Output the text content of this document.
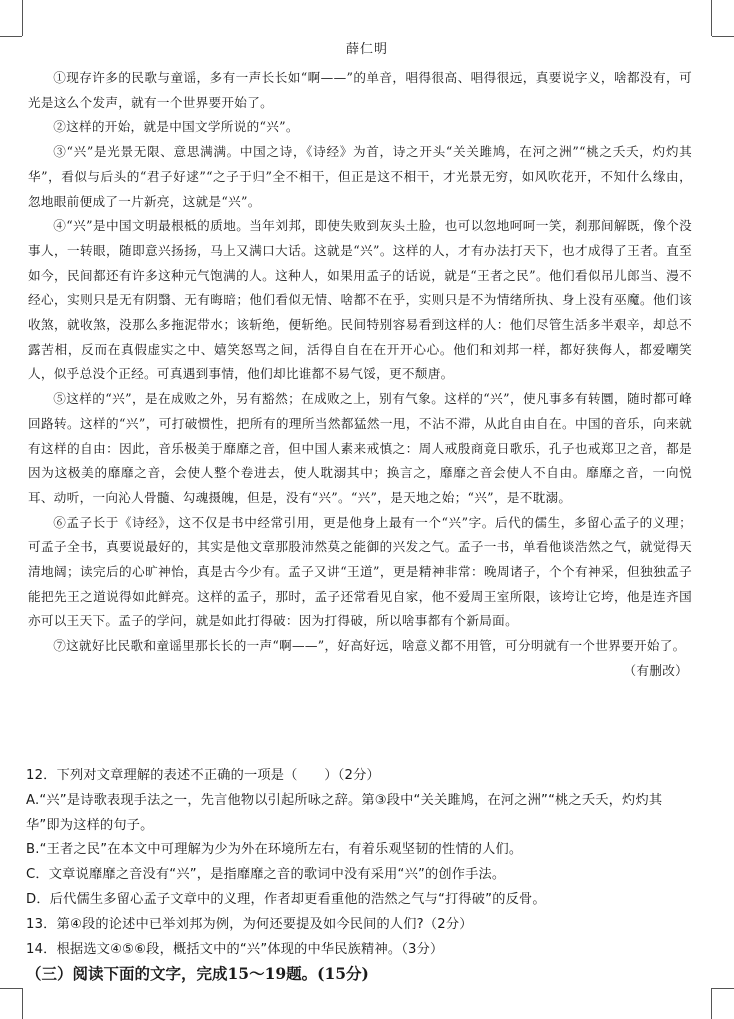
薛仁明

①现存许多的民歌与童谣，多有一声长长如“啊——”的单音，唱得很高、唱得很远，真要说字义，啥都没有，可光是这么个发声，就有一个世界要开始了。

②这样的开始，就是中国文学所说的“兴”。

③“兴”是光景无限、意思满满。中国之诗，《诗经》为首，诗之开头“关关雎鸠，在河之洲”“桃之夭夭，灼灼其华”，看似与后头的“君子好逑”“之子于归”全不相干，但正是这不相干，才光景无穷，如风吹花开，不知什么缘由，忽地眼前便成了一片新亮，这就是“兴”。

④“兴”是中国文明最根柢的质地。当年刘邦，即使失败到灰头土脸，也可以忽地呵呵一笑，刹那间解既，像个没事人，一转眼，随即意兴扬扬，马上又满口大话。这就是“兴”。这样的人，才有办法打天下，也才成得了王者。直至如今，民间都还有许多这种元气饱满的人。这种人，如果用孟子的话说，就是“王者之民”。他们看似吊儿郎当、漫不经心，实则只是无有阴翳、无有晦暗；他们看似无情、啥都不在乎，实则只是不为情绪所执、身上没有巫魔。他们该收煞，就收煞，没那么多拖泥带水；该斩绝，便斩绝。民间特别容易看到这样的人：他们尽管生活多半艰辛，却总不露苦相，反而在真假虚实之中、嬉笑怒骂之间，活得自自在在开开心心。他们和刘邦一样，都好狭侮人，都爱嘲笑人，似乎总没个正经。可真遇到事情，他们却比谁都不易气馁，更不颓唐。

⑤这样的“兴”，是在成败之外，另有豁然；在成败之上，别有气象。这样的“兴”，使凡事多有转圜，随时都可峰回路转。这样的“兴”，可打破惯性，把所有的理所当然都猛然一甩，不沾不滞，从此自由自在。中国的音乐，向来就有这样的自由：因此，音乐极美于靡靡之音，但中国人素来戒慎之：周人戒殷商竟日歌乐，孔子也戒郑卫之音，都是因为这极美的靡靡之音，会使人整个卷进去，使人耽溺其中；换言之，靡靡之音会使人不自由。靡靡之音，一向悦耳、动听，一向沁人骨髓、勾魂摄魄，但是，没有“兴”。“兴”，是天地之始；“兴”，是不耽溺。

⑥孟子长于《诗经》，这不仅是书中经常引用，更是他身上最有一个“兴”字。后代的儒生，多留心孟子的义理；可孟子全书，真要说最好的，其实是他文章那股沛然莫之能御的兴发之气。孟子一书，单看他谈浩然之气，就觉得天清地阔；读完后的心旷神怡，真是古今少有。孟子又讲“王道”，更是精神非常：晚周诸子，个个有神采，但独独孟子能把先王之道说得如此鲜亮。这样的孟子，那时，孟子还常看见自家，他不爱周王室所限，该垮让它垮，他是连齐国亦可以王天下。孟子的学问，就是如此打得破：因为打得破，所以啥事都有个新局面。

⑦这就好比民歌和童谣里那长长的一声“啊——”，好高好远，啥意义都不用管，可分明就有一个世界要开始了。

（有删改）

12．下列对文章理解的表述不正确的一项是（　　）（2分）

A.“兴”是诗歌表现手法之一，先言他物以引起所咏之辞。第③段中“关关雎鸠，在河之洲”“桃之夭夭，灼灼其华”即为这样的句子。

B.“王者之民”在本文中可理解为少为外在环境所左右，有着乐观坚韧的性情的人们。

C．文章说靡靡之音没有“兴”，是指靡靡之音的歌词中没有采用“兴”的创作手法。

D．后代儒生多留心孟子文章中的义理，作者却更看重他的浩然之气与“打得破”的反骨。

13．第④段的论述中已举刘邦为例，为何还要提及如今民间的人们?（2分）

14．根据选文④⑤⑥段，概括文中的“兴”体现的中华民族精神。（3分）

（三）阅读下面的文字，完成15～19题。(15分)
